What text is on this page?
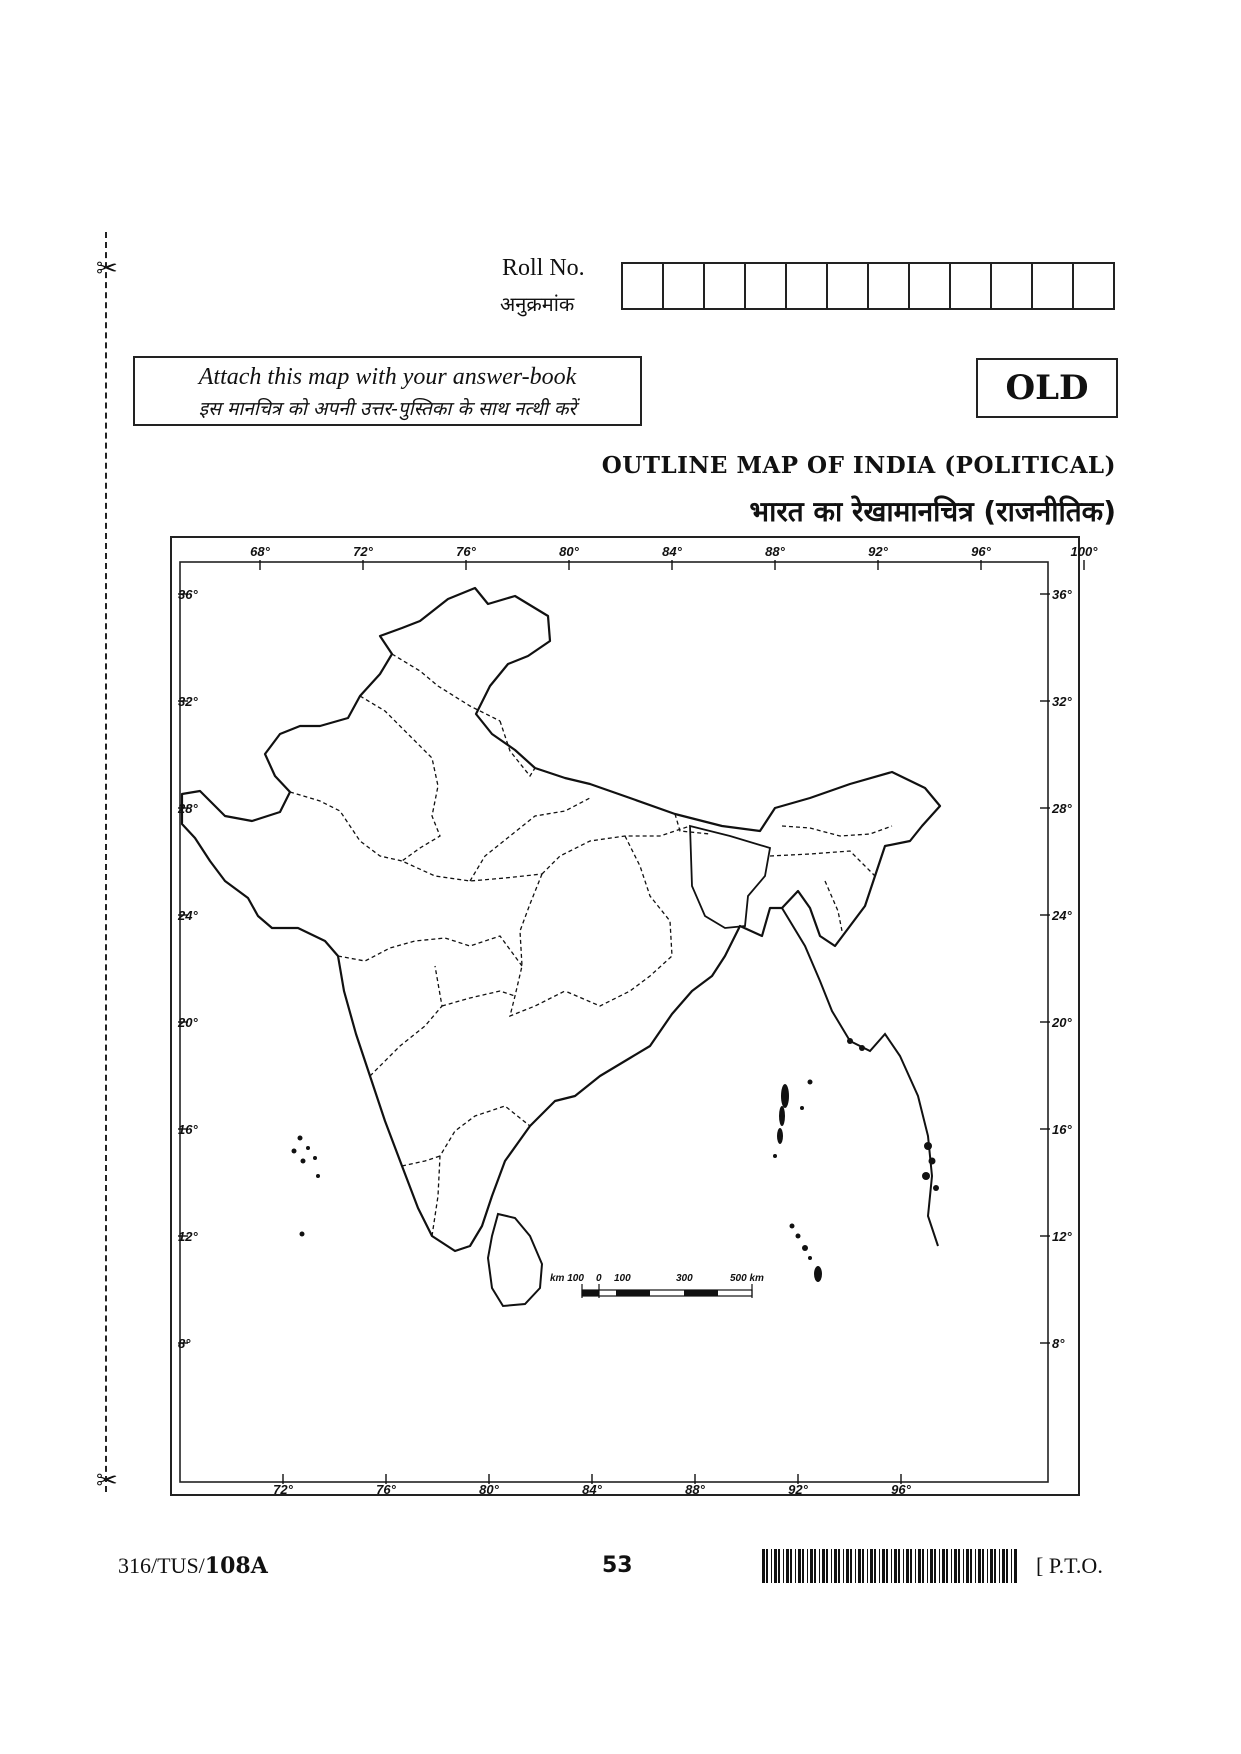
✂
✂
Roll No.
अनुक्रमांक
Attach this map with your answer-book
इस मानचित्र को अपनी उत्तर-पुस्तिका के साथ नत्थी करें
OLD
OUTLINE MAP OF INDIA (POLITICAL)
भारत का रेखामानचित्र (राजनीतिक)
68°	72°	76°	80°	84°	88°	92°	96°	100°
72°	76°	80°	84°	88°	92°	96°
36°
32°
28°
24°
20°
16°
12°
8°
36°
32°
28°
24°
20°
16°
12°
8°
km 100 0 100	300	500 km
316/TUS/108A	53	[ P.T.O.
